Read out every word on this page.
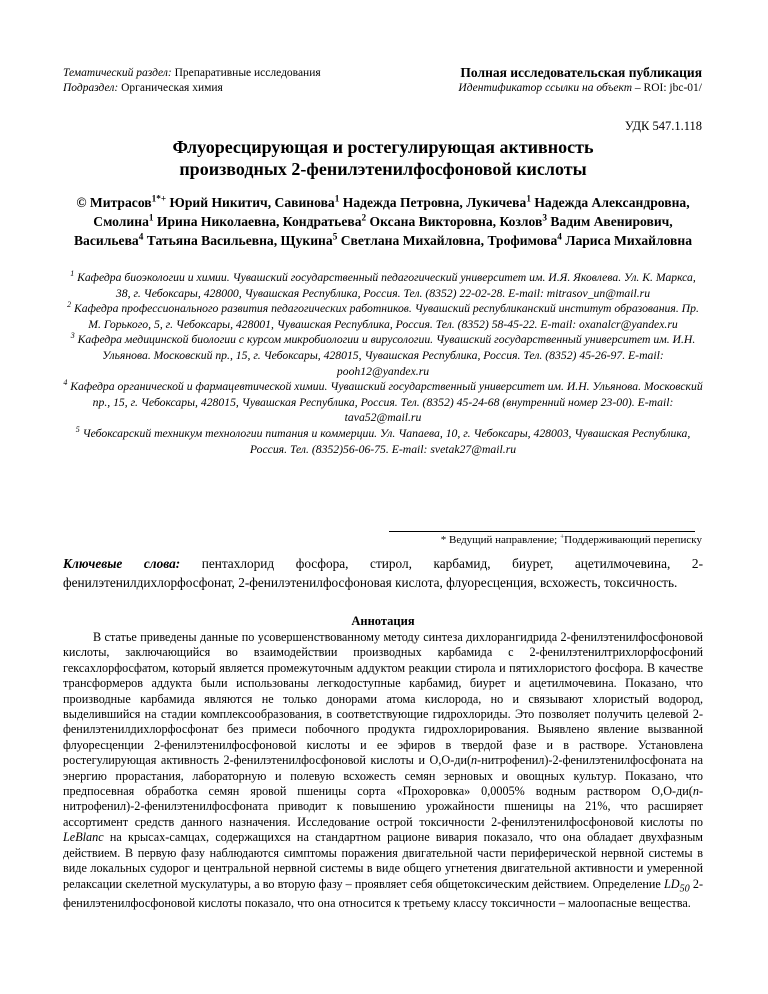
Тематический раздел: Препаративные исследования
Подраздел: Органическая химия
Полная исследовательская публикация
Идентификатор ссылки на объект – ROI: jbc-01/
УДК 547.1.118
Флуоресцирующая и ростегулирующая активность
производных 2-фенилэтенилфосфоновой кислоты
© Митрасов$^{1*+}$ Юрий Никитич, Савинова$^1$ Надежда Петровна, Лукичева$^1$ Надежда Александровна, Смолина$^1$ Ирина Николаевна, Кондратьева$^2$ Оксана Викторовна, Козлов$^3$ Вадим Авенирович, Васильева$^4$ Татьяна Васильевна, Щукина$^5$ Светлана Михайловна, Трофимова$^4$ Лариса Михайловна

$^1$ Кафедра биоэкологии и химии. Чувашский государственный педагогический университет им. И.Я. Яковлева. Ул. К. Маркса, 38, г. Чебоксары, 428000, Чувашская Республика, Россия. Тел. (8352) 22-02-28. E-mail: mitrasov_un@mail.ru

$^2$ Кафедра профессионального развития педагогических работников. Чувашский республиканский институт образования. Пр. М. Горького, 5, г. Чебоксары, 428001, Чувашская Республика, Россия. Тел. (8352) 58-45-22. E-mail: oxanalcr@yandex.ru

$^3$ Кафедра медицинской биологии с курсом микробиологии и вирусологии. Чувашский государственный университет им. И.Н. Ульянова. Московский пр., 15, г. Чебоксары, 428015, Чувашская Республика, Россия. Тел. (8352) 45-26-97. E-mail: pooh12@yandex.ru

$^4$ Кафедра органической и фармацевтической химии. Чувашский государственный университет им. И.Н. Ульянова. Московский пр., 15, г. Чебоксары, 428015, Чувашская Республика, Россия. Тел. (8352) 45-24-68 (внутренний номер 23-00). E-mail: tava52@mail.ru

$^5$ Чебоксарский техникум технологии питания и коммерции. Ул. Чапаева, 10, г. Чебоксары, 428003, Чувашская Республика, Россия. Тел. (8352)56-06-75. E-mail: svetak27@mail.ru

* Ведущий направление; +Поддерживающий переписку
Ключевые слова: пентахлорид фосфора, стирол, карбамид, биурет, ацетилмочевина, 2-фенилэтенилдихлорфосфонат, 2-фенилэтенилфосфоновая кислота, флуоресценция, всхожесть, токсичность.
Аннотация

В статье приведены данные по усовершенствованному методу синтеза дихлорангидрида 2-фенилэтенилфосфоновой кислоты, заключающийся во взаимодействии производных карбамида с 2-фенилэтенилтрихлорфосфоний гексахлорфосфатом, который является промежуточным аддуктом реакции стирола и пятихлористого фосфора. В качестве трансформеров аддукта были использованы легкодоступные карбамид, биурет и ацетилмочевина. Показано, что производные карбамида являются не только донорами атома кислорода, но и связывают хлористый водород, выделившийся на стадии комплексообразования, в соответствующие гидрохлориды. Это позволяет получить целевой 2-фенилэтенилдихлорфосфонат без примеси побочного продукта гидрохлорирования. Выявлено явление вызванной флуоресценции 2-фенилэтенилфосфоновой кислоты и ее эфиров в твердой фазе и в растворе. Установлена ростегулирующая активность 2-фенилэтенилфосфоновой кислоты и О,О-ди(п-нитрофенил)-2-фенилэтенилфосфоната на энергию прорастания, лабораторную и полевую всхожесть семян зерновых и овощных культур. Показано, что предпосевная обработка семян яровой пшеницы сорта «Прохоровка» 0,0005% водным раствором О,О-ди(п-нитрофенил)-2-фенилэтенилфосфоната приводит к повышению урожайности пшеницы на 21%, что расширяет ассортимент средств данного назначения. Исследование острой токсичности 2-фенилэтенилфосфоновой кислоты по LeBlanc на крысах-самцах, содержащихся на стандартном рационе вивария показало, что она обладает двухфазным действием. В первую фазу наблюдаются симптомы поражения двигательной части периферической нервной системы в виде локальных судорог и центральной нервной системы в виде общего угнетения двигательной активности и умеренной релаксации скелетной мускулатуры, а во вторую фазу – проявляет себя общетоксическим действием. Определение $LD_{50}$ 2-фенилэтенилфосфоновой кислоты показало, что она относится к третьему классу токсичности – малоопасные вещества.
